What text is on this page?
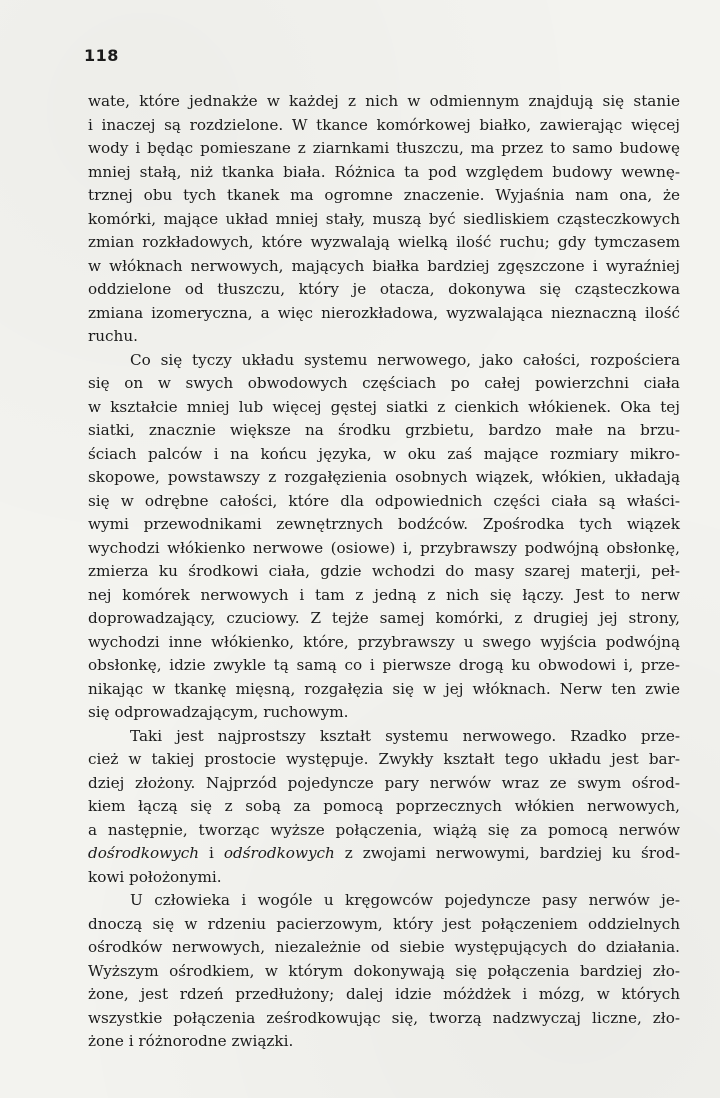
118
wate, które jednakże w każdej z nich w odmiennym znajdują się stanie
i inaczej są rozdzielone. W tkance komórkowej białko, zawierając więcej
wody i będąc pomieszane z ziarnkami tłuszczu, ma przez to samo budowę
mniej stałą, niż tkanka biała. Różnica ta pod względem budowy wewnę-
trznej obu tych tkanek ma ogromne znaczenie. Wyjaśnia nam ona, że
komórki, mające układ mniej stały, muszą być siedliskiem cząsteczkowych
zmian rozkładowych, które wyzwalają wielką ilość ruchu; gdy tymczasem
w włóknach nerwowych, mających białka bardziej zgęszczone i wyraźniej
oddzielone od tłuszczu, który je otacza, dokonywa się cząsteczkowa
zmiana izomeryczna, a więc nierozkładowa, wyzwalająca nieznaczną ilość
ruchu.
Co się tyczy układu systemu nerwowego, jako całości, rozpościera
się on w swych obwodowych częściach po całej powierzchni ciała
w kształcie mniej lub więcej gęstej siatki z cienkich włókienek. Oka tej
siatki, znacznie większe na środku grzbietu, bardzo małe na brzu-
ściach palców i na końcu języka, w oku zaś mające rozmiary mikro-
skopowe, powstawszy z rozgałęzienia osobnych wiązek, włókien, układają
się w odrębne całości, które dla odpowiednich części ciała są właści-
wymi przewodnikami zewnętrznych bodźców. Zpośrodka tych wiązek
wychodzi włókienko nerwowe (osiowe) i, przybrawszy podwójną obsłonkę,
zmierza ku środkowi ciała, gdzie wchodzi do masy szarej materji, peł-
nej komórek nerwowych i tam z jedną z nich się łączy. Jest to nerw
doprowadzający, czuciowy. Z tejże samej komórki, z drugiej jej strony,
wychodzi inne włókienko, które, przybrawszy u swego wyjścia podwójną
obsłonkę, idzie zwykle tą samą co i pierwsze drogą ku obwodowi i, prze-
nikając w tkankę mięsną, rozgałęzia się w jej włóknach. Nerw ten zwie
się odprowadzającym, ruchowym.
Taki jest najprostszy kształt systemu nerwowego. Rzadko prze-
cież w takiej prostocie występuje. Zwykły kształt tego układu jest bar-
dziej złożony. Najprzód pojedyncze pary nerwów wraz ze swym ośrod-
kiem łączą się z sobą za pomocą poprzecznych włókien nerwowych,
a następnie, tworząc wyższe połączenia, wiążą się za pomocą nerwów
dośrodkowych i odśrodkowych z zwojami nerwowymi, bardziej ku środ-
kowi położonymi.
U człowieka i wogóle u kręgowców pojedyncze pasy nerwów je-
dnoczą się w rdzeniu pacierzowym, który jest połączeniem oddzielnych
ośrodków nerwowych, niezależnie od siebie występujących do działania.
Wyższym ośrodkiem, w którym dokonywają się połączenia bardziej zło-
żone, jest rdzeń przedłużony; dalej idzie móżdżek i mózg, w których
wszystkie połączenia ześrodkowując się, tworzą nadzwyczaj liczne, zło-
żone i różnorodne związki.
